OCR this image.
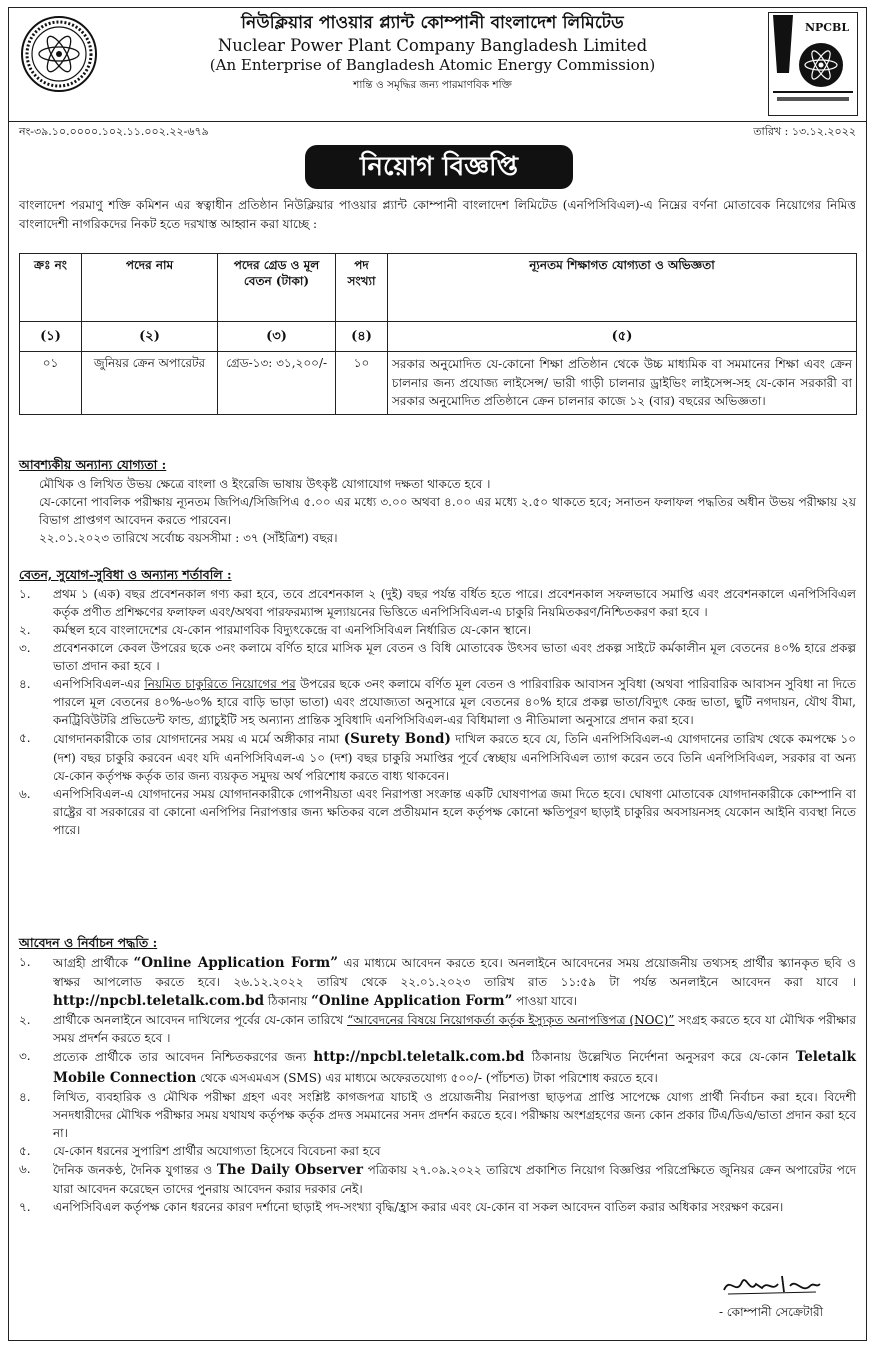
নিউক্লিয়ার পাওয়ার প্ল্যান্ট কোম্পানী বাংলাদেশ লিমিটেড
Nuclear Power Plant Company Bangladesh Limited
(An Enterprise of Bangladesh Atomic Energy Commission)
শান্তি ও সমৃদ্ধির জন্য পারমাণবিক শক্তি
NPCBL
নং-৩৯.১০.০০০০.১০২.১১.০০২.২২-৬৭৯	তারিখ : ১৩.১২.২০২২
নিয়োগ বিজ্ঞপ্তি
বাংলাদেশ পরমাণু শক্তি কমিশন এর স্বত্বাধীন প্রতিষ্ঠান নিউক্লিয়ার পাওয়ার প্ল্যান্ট কোম্পানী বাংলাদেশ লিমিটেড (এনপিসিবিএল)-এ নিম্নের বর্ণনা মোতাবেক নিয়োগের নিমিত্ত বাংলাদেশী নাগরিকদের নিকট হতে দরখাস্ত আহ্বান করা যাচ্ছে :
ক্রঃ নং	পদের নাম	পদের গ্রেড ও মূল বেতন (টাকা)	পদ সংখ্যা	ন্যূনতম শিক্ষাগত যোগ্যতা ও অভিজ্ঞতা
(১)	(২)	(৩)	(৪)	(৫)
০১	জুনিয়র ক্রেন অপারেটর	গ্রেড-১৩: ৩১,২০০/-	১০	সরকার অনুমোদিত যে-কোনো শিক্ষা প্রতিষ্ঠান থেকে উচ্চ মাধ্যমিক বা সমমানের শিক্ষা এবং ক্রেন চালনার জন্য প্রযোজ্য লাইসেন্স/ ভারী গাড়ী চালনার ড্রাইভিং লাইসেন্স-সহ যে-কোন সরকারী বা সরকার অনুমোদিত প্রতিষ্ঠানে ক্রেন চালনার কাজে ১২ (বার) বছরের অভিজ্ঞতা।
আবশ্যকীয় অন্যান্য যোগ্যতা :
মৌখিক ও লিখিত উভয় ক্ষেত্রে বাংলা ও ইংরেজি ভাষায় উৎকৃষ্ট যোগাযোগ দক্ষতা থাকতে হবে ।
যে-কোনো পাবলিক পরীক্ষায় ন্যূনতম জিপিএ/সিজিপিএ ৫.০০ এর মধ্যে ৩.০০ অথবা ৪.০০ এর মধ্যে ২.৫০ থাকতে হবে; সনাতন ফলাফল পদ্ধতির অধীন উভয় পরীক্ষায় ২য় বিভাগ প্রাপ্তগণ আবেদন করতে পারবেন।
২২.০১.২০২৩ তারিখে সর্বোচ্চ বয়সসীমা : ৩৭ (সাঁইত্রিশ) বছর।
বেতন, সুযোগ-সুবিধা ও অন্যান্য শর্তাবলি :
১.	প্রথম ১ (এক) বছর প্রবেশনকাল গণ্য করা হবে, তবে প্রবেশনকাল ২ (দুই) বছর পর্যন্ত বর্ধিত হতে পারে। প্রবেশনকাল সফলভাবে সমাপ্তি এবং প্রবেশনকালে এনপিসিবিএল কর্তৃক প্রণীত প্রশিক্ষণের ফলাফল এবং/অথবা পারফরম্যান্স মূল্যায়নের ভিত্তিতে এনপিসিবিএল-এ চাকুরি নিয়মিতকরণ/নিশ্চিতকরণ করা হবে ।
২.	কর্মস্থল হবে বাংলাদেশের যে-কোন পারমাণবিক বিদ্যুৎকেন্দ্রে বা এনপিসিবিএল নির্ধারিত যে-কোন স্থানে।
৩.	প্রবেশনকালে কেবল উপরের ছকে ৩নং কলামে বর্ণিত হারে মাসিক মূল বেতন ও বিধি মোতাবেক উৎসব ভাতা এবং প্রকল্প সাইটে কর্মকালীন মূল বেতনের ৪০% হারে প্রকল্প ভাতা প্রদান করা হবে ।
৪.	এনপিসিবিএল-এর নিয়মিত চাকুরিতে নিয়োগের পর উপরের ছকে ৩নং কলামে বর্ণিত মূল বেতন ও পারিবারিক আবাসন সুবিধা (অথবা পারিবারিক আবাসন সুবিধা না দিতে পারলে মূল বেতনের ৪০%-৬০% হারে বাড়ি ভাড়া ভাতা) এবং প্রযোজ্যতা অনুসারে মূল বেতনের ৪০% হারে প্রকল্প ভাতা/বিদ্যুৎ কেন্দ্র ভাতা, ছুটি নগদায়ন, যৌথ বীমা, কনট্রিবিউটরি প্রভিডেন্ট ফান্ড, গ্র্যাচুইটি সহ অন্যান্য প্রান্তিক সুবিধাদি এনপিসিবিএল-এর বিধিমালা ও নীতিমালা অনুসারে প্রদান করা হবে।
৫.	যোগদানকারীকে তার যোগদানের সময় এ মর্মে অঙ্গীকার নামা (Surety Bond) দাখিল করতে হবে যে, তিনি এনপিসিবিএল-এ যোগদানের তারিখ থেকে কমপক্ষে ১০ (দশ) বছর চাকুরি করবেন এবং যদি এনপিসিবিএল-এ ১০ (দশ) বছর চাকুরি সমাপ্তির পূর্বে স্বেচ্ছায় এনপিসিবিএল ত্যাগ করেন তবে তিনি এনপিসিবিএল, সরকার বা অন্য যে-কোন কর্তৃপক্ষ কর্তৃক তার জন্য ব্যয়কৃত সমুদয় অর্থ পরিশোধ করতে বাধ্য থাকবেন।
৬.	এনপিসিবিএল-এ যোগদানের সময় যোগদানকারীকে গোপনীয়তা এবং নিরাপত্তা সংক্রান্ত একটি ঘোষণাপত্র জমা দিতে হবে। ঘোষণা মোতাবেক যোগদানকারীকে কোম্পানি বা রাষ্ট্রের বা সরকারের বা কোনো এনপিপির নিরাপত্তার জন্য ক্ষতিকর বলে প্রতীয়মান হলে কর্তৃপক্ষ কোনো ক্ষতিপূরণ ছাড়াই চাকুরির অবসায়নসহ যেকোন আইনি ব্যবস্থা নিতে পারে।
আবেদন ও নির্বাচন পদ্ধতি :
১.	আগ্রহী প্রার্থীকে “Online Application Form” এর মাধ্যমে আবেদন করতে হবে। অনলাইনে আবেদনের সময় প্রয়োজনীয় তথ্যসহ প্রার্থীর স্ক্যানকৃত ছবি ও স্বাক্ষর আপলোড করতে হবে। ২৬.১২.২০২২ তারিখ থেকে ২২.০১.২০২৩ তারিখ রাত ১১:৫৯ টা পর্যন্ত অনলাইনে আবেদন করা যাবে । http://npcbl.teletalk.com.bd ঠিকানায় “Online Application Form” পাওয়া যাবে।
২.	প্রার্থীকে অনলাইনে আবেদন দাখিলের পূর্বের যে-কোন তারিখে “আবেদনের বিষয়ে নিয়োগকর্তা কর্তৃক ইস্যুকৃত অনাপত্তিপত্র (NOC)” সংগ্রহ করতে হবে যা মৌখিক পরীক্ষার সময় প্রদর্শন করতে হবে ।
৩.	প্রত্যেক প্রার্থীকে তার আবেদন নিশ্চিতকরণের জন্য http://npcbl.teletalk.com.bd ঠিকানায় উল্লেখিত নির্দেশনা অনুসরণ করে যে-কোন Teletalk Mobile Connection থেকে এসএমএস (SMS) এর মাধ্যমে অফেরতযোগ্য ৫০০/- (পাঁচশত) টাকা পরিশোধ করতে হবে।
৪.	লিখিত, ব্যবহারিক ও মৌখিক পরীক্ষা গ্রহণ এবং সংশ্লিষ্ট কাগজপত্র যাচাই ও প্রয়োজনীয় নিরাপত্তা ছাড়পত্র প্রাপ্তি সাপেক্ষে যোগ্য প্রার্থী নির্বাচন করা হবে। বিদেশী সনদধারীদের মৌখিক পরীক্ষার সময় যথাযথ কর্তৃপক্ষ কর্তৃক প্রদত্ত সমমানের সনদ প্রদর্শন করতে হবে। পরীক্ষায় অংশগ্রহণের জন্য কোন প্রকার টিএ/ডিএ/ভাতা প্রদান করা হবে না।
৫.	যে-কোন ধরনের সুপারিশ প্রার্থীর অযোগ্যতা হিসেবে বিবেচনা করা হবে
৬.	দৈনিক জনকণ্ঠ, দৈনিক যুগান্তর ও The Daily Observer পত্রিকায় ২৭.০৯.২০২২ তারিখে প্রকাশিত নিয়োগ বিজ্ঞপ্তির পরিপ্রেক্ষিতে জুনিয়র ক্রেন অপারেটর পদে যারা আবেদন করেছেন তাদের পুনরায় আবেদন করার দরকার নেই।
৭.	এনপিসিবিএল কর্তৃপক্ষ কোন ধরনের কারণ দর্শানো ছাড়াই পদ-সংখ্যা বৃদ্ধি/হ্রাস করার এবং যে-কোন বা সকল আবেদন বাতিল করার অধিকার সংরক্ষণ করেন।
- কোম্পানী সেক্রেটারী
